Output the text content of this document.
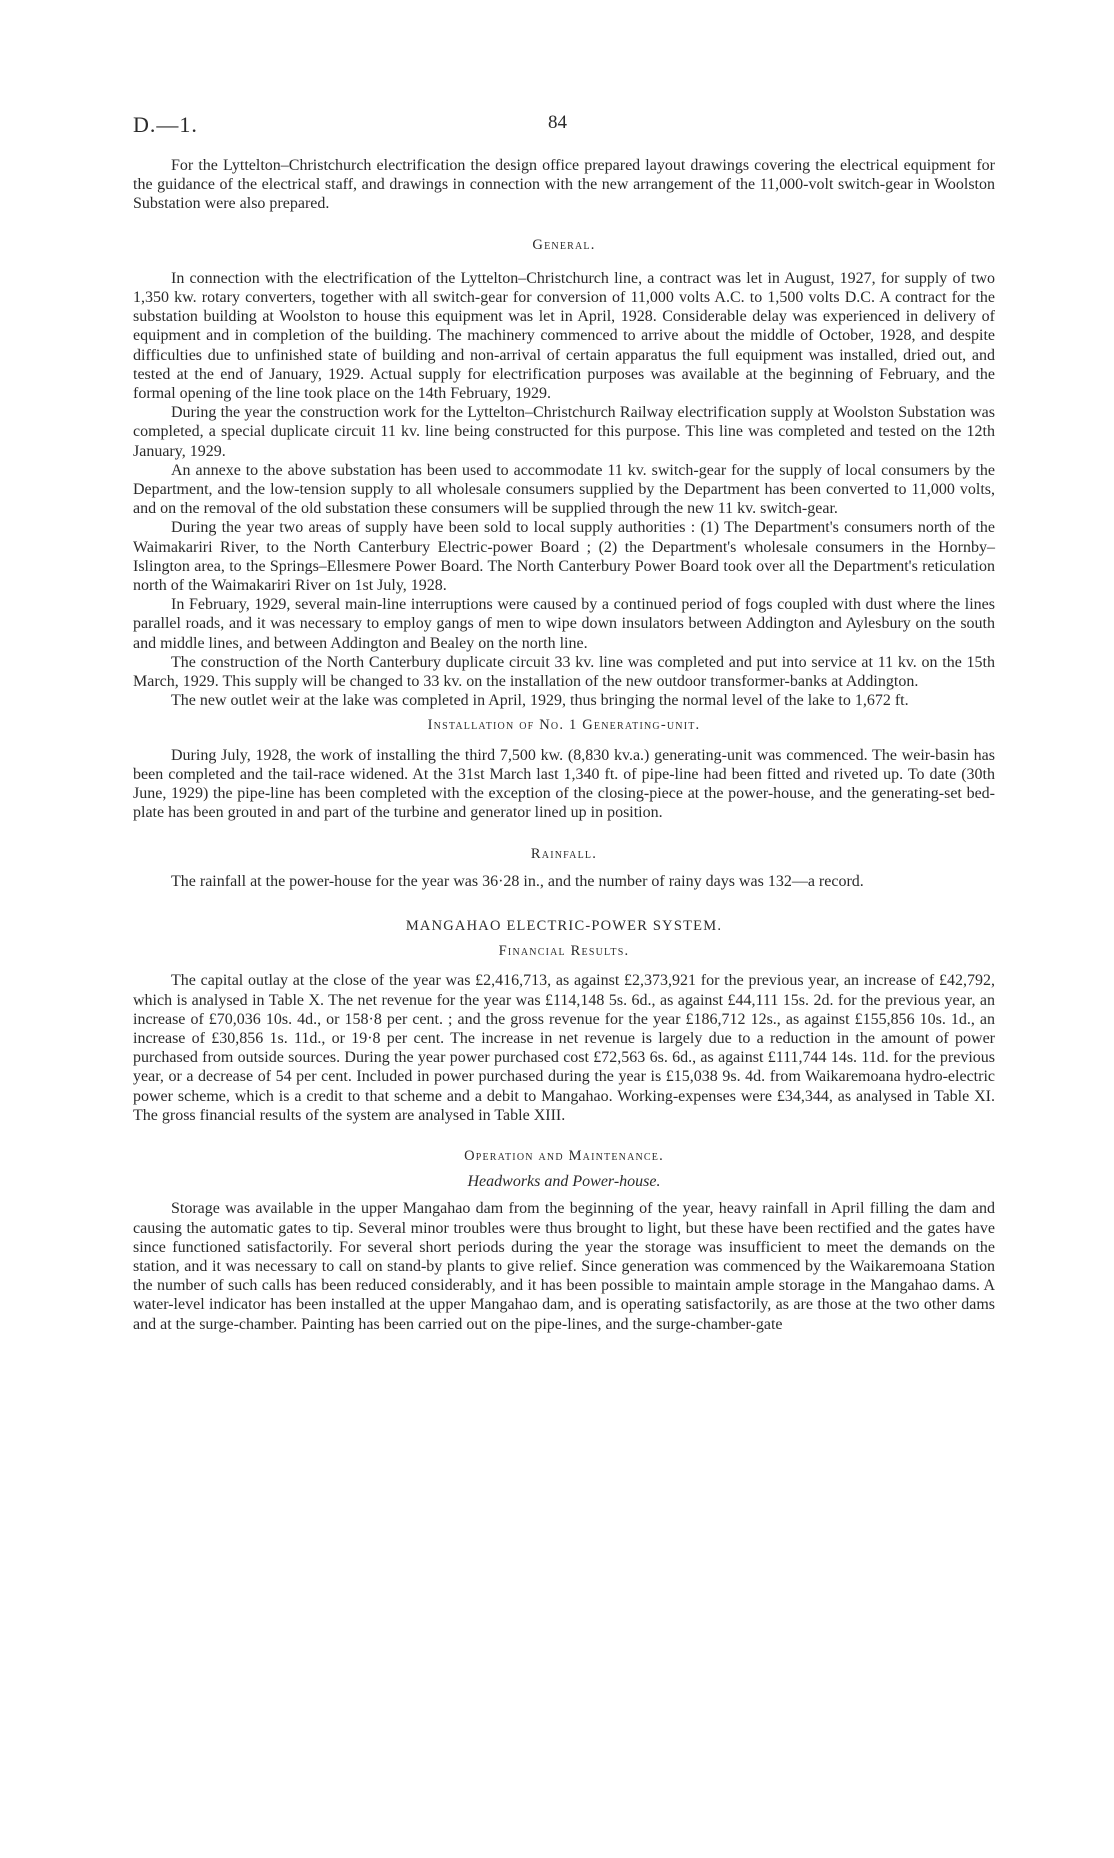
D.—1.	84

For the Lyttelton–Christchurch electrification the design office prepared layout drawings covering the electrical equipment for the guidance of the electrical staff, and drawings in connection with the new arrangement of the 11,000-volt switch-gear in Woolston Substation were also prepared.

General.

In connection with the electrification of the Lyttelton–Christchurch line, a contract was let in August, 1927, for supply of two 1,350 kw. rotary converters, together with all switch-gear for conversion of 11,000 volts A.C. to 1,500 volts D.C. A contract for the substation building at Woolston to house this equipment was let in April, 1928. Considerable delay was experienced in delivery of equipment and in completion of the building. The machinery commenced to arrive about the middle of October, 1928, and despite difficulties due to unfinished state of building and non-arrival of certain apparatus the full equipment was installed, dried out, and tested at the end of January, 1929. Actual supply for electrification purposes was available at the beginning of February, and the formal opening of the line took place on the 14th February, 1929.

During the year the construction work for the Lyttelton–Christchurch Railway electrification supply at Woolston Substation was completed, a special duplicate circuit 11 kv. line being constructed for this purpose. This line was completed and tested on the 12th January, 1929.

An annexe to the above substation has been used to accommodate 11 kv. switch-gear for the supply of local consumers by the Department, and the low-tension supply to all wholesale consumers supplied by the Department has been converted to 11,000 volts, and on the removal of the old substation these consumers will be supplied through the new 11 kv. switch-gear.

During the year two areas of supply have been sold to local supply authorities : (1) The Department's consumers north of the Waimakariri River, to the North Canterbury Electric-power Board ; (2) the Department's wholesale consumers in the Hornby–Islington area, to the Springs–Ellesmere Power Board. The North Canterbury Power Board took over all the Department's reticulation north of the Waimakariri River on 1st July, 1928.

In February, 1929, several main-line interruptions were caused by a continued period of fogs coupled with dust where the lines parallel roads, and it was necessary to employ gangs of men to wipe down insulators between Addington and Aylesbury on the south and middle lines, and between Addington and Bealey on the north line.

The construction of the North Canterbury duplicate circuit 33 kv. line was completed and put into service at 11 kv. on the 15th March, 1929. This supply will be changed to 33 kv. on the installation of the new outdoor transformer-banks at Addington.

The new outlet weir at the lake was completed in April, 1929, thus bringing the normal level of the lake to 1,672 ft.

Installation of No. 1 Generating-unit.

During July, 1928, the work of installing the third 7,500 kw. (8,830 kv.a.) generating-unit was commenced. The weir-basin has been completed and the tail-race widened. At the 31st March last 1,340 ft. of pipe-line had been fitted and riveted up. To date (30th June, 1929) the pipe-line has been completed with the exception of the closing-piece at the power-house, and the generating-set bed-plate has been grouted in and part of the turbine and generator lined up in position.

Rainfall.

The rainfall at the power-house for the year was 36·28 in., and the number of rainy days was 132—a record.

MANGAHAO ELECTRIC-POWER SYSTEM.

Financial Results.

The capital outlay at the close of the year was £2,416,713, as against £2,373,921 for the previous year, an increase of £42,792, which is analysed in Table X. The net revenue for the year was £114,148 5s. 6d., as against £44,111 15s. 2d. for the previous year, an increase of £70,036 10s. 4d., or 158·8 per cent. ; and the gross revenue for the year £186,712 12s., as against £155,856 10s. 1d., an increase of £30,856 1s. 11d., or 19·8 per cent. The increase in net revenue is largely due to a reduction in the amount of power purchased from outside sources. During the year power purchased cost £72,563 6s. 6d., as against £111,744 14s. 11d. for the previous year, or a decrease of 54 per cent. Included in power purchased during the year is £15,038 9s. 4d. from Waikaremoana hydro-electric power scheme, which is a credit to that scheme and a debit to Mangahao. Working-expenses were £34,344, as analysed in Table XI. The gross financial results of the system are analysed in Table XIII.

Operation and Maintenance.

Headworks and Power-house.

Storage was available in the upper Mangahao dam from the beginning of the year, heavy rainfall in April filling the dam and causing the automatic gates to tip. Several minor troubles were thus brought to light, but these have been rectified and the gates have since functioned satisfactorily. For several short periods during the year the storage was insufficient to meet the demands on the station, and it was necessary to call on stand-by plants to give relief. Since generation was commenced by the Waikaremoana Station the number of such calls has been reduced considerably, and it has been possible to maintain ample storage in the Mangahao dams. A water-level indicator has been installed at the upper Mangahao dam, and is operating satisfactorily, as are those at the two other dams and at the surge-chamber. Painting has been carried out on the pipe-lines, and the surge-chamber-gate
